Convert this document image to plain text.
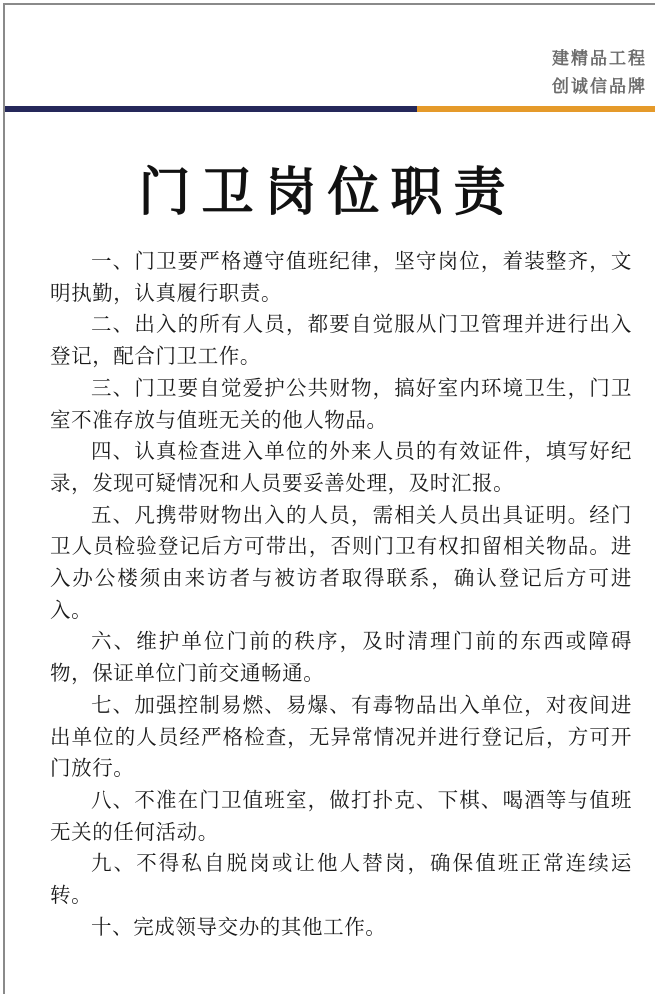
建精品工程
创诚信品牌
门卫岗位职责

一、门卫要严格遵守值班纪律，坚守岗位，着装整齐，文明执勤，认真履行职责。

二、出入的所有人员，都要自觉服从门卫管理并进行出入登记，配合门卫工作。

三、门卫要自觉爱护公共财物，搞好室内环境卫生，门卫室不准存放与值班无关的他人物品。

四、认真检查进入单位的外来人员的有效证件，填写好纪录，发现可疑情况和人员要妥善处理，及时汇报。

五、凡携带财物出入的人员，需相关人员出具证明。经门卫人员检验登记后方可带出，否则门卫有权扣留相关物品。进入办公楼须由来访者与被访者取得联系，确认登记后方可进入。

六、维护单位门前的秩序，及时清理门前的东西或障碍物，保证单位门前交通畅通。

七、加强控制易燃、易爆、有毒物品出入单位，对夜间进出单位的人员经严格检查，无异常情况并进行登记后，方可开门放行。

八、不准在门卫值班室，做打扑克、下棋、喝酒等与值班无关的任何活动。

九、不得私自脱岗或让他人替岗，确保值班正常连续运转。

十、完成领导交办的其他工作。
